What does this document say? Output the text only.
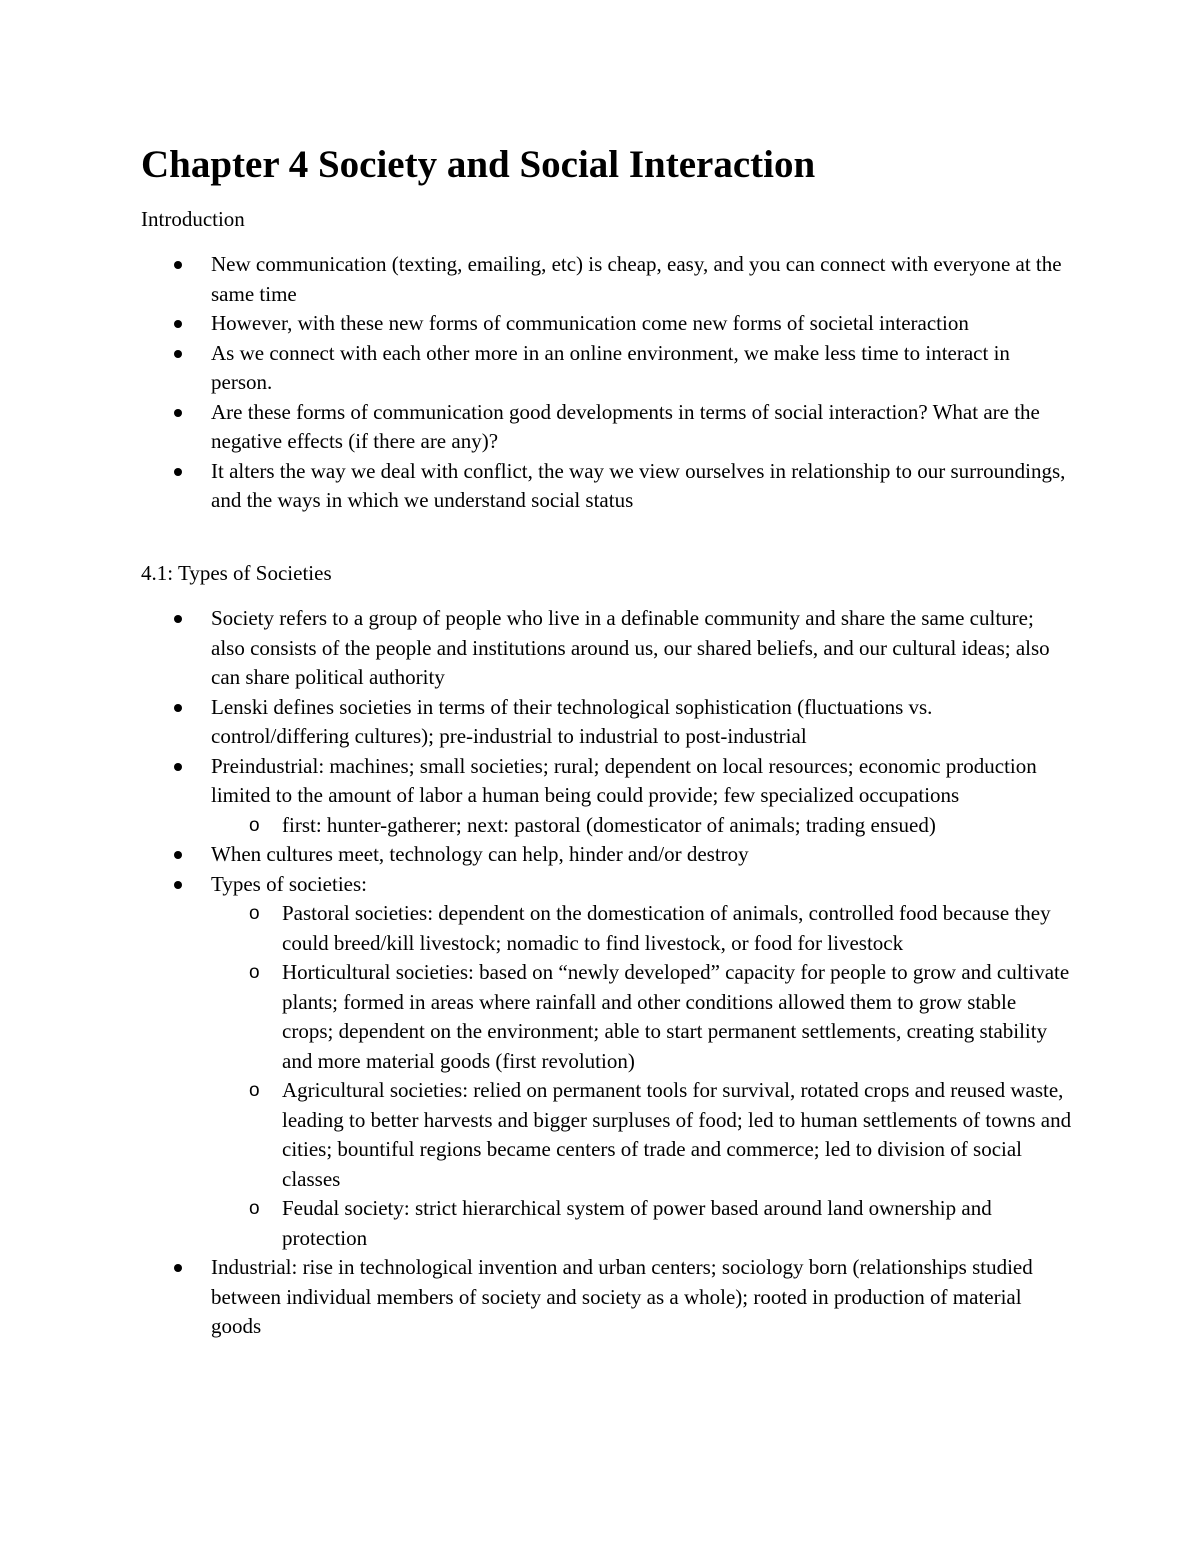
Chapter 4 Society and Social Interaction

Introduction

New communication (texting, emailing, etc) is cheap, easy, and you can connect with everyone at the same time
However, with these new forms of communication come new forms of societal interaction
As we connect with each other more in an online environment, we make less time to interact in person.
Are these forms of communication good developments in terms of social interaction? What are the negative effects (if there are any)?
It alters the way we deal with conflict, the way we view ourselves in relationship to our surroundings, and the ways in which we understand social status

4.1: Types of Societies

Society refers to a group of people who live in a definable community and share the same culture; also consists of the people and institutions around us, our shared beliefs, and our cultural ideas; also can share political authority
Lenski defines societies in terms of their technological sophistication (fluctuations vs. control/differing cultures); pre-industrial to industrial to post-industrial
Preindustrial: machines; small societies; rural; dependent on local resources; economic production limited to the amount of labor a human being could provide; few specialized occupations
o first: hunter-gatherer; next: pastoral (domesticator of animals; trading ensued)
When cultures meet, technology can help, hinder and/or destroy
Types of societies:
o Pastoral societies: dependent on the domestication of animals, controlled food because they could breed/kill livestock; nomadic to find livestock, or food for livestock
o Horticultural societies: based on “newly developed” capacity for people to grow and cultivate plants; formed in areas where rainfall and other conditions allowed them to grow stable crops; dependent on the environment; able to start permanent settlements, creating stability and more material goods (first revolution)
o Agricultural societies: relied on permanent tools for survival, rotated crops and reused waste, leading to better harvests and bigger surpluses of food; led to human settlements of towns and cities; bountiful regions became centers of trade and commerce; led to division of social classes
o Feudal society: strict hierarchical system of power based around land ownership and protection
Industrial: rise in technological invention and urban centers; sociology born (relationships studied between individual members of society and society as a whole); rooted in production of material goods
